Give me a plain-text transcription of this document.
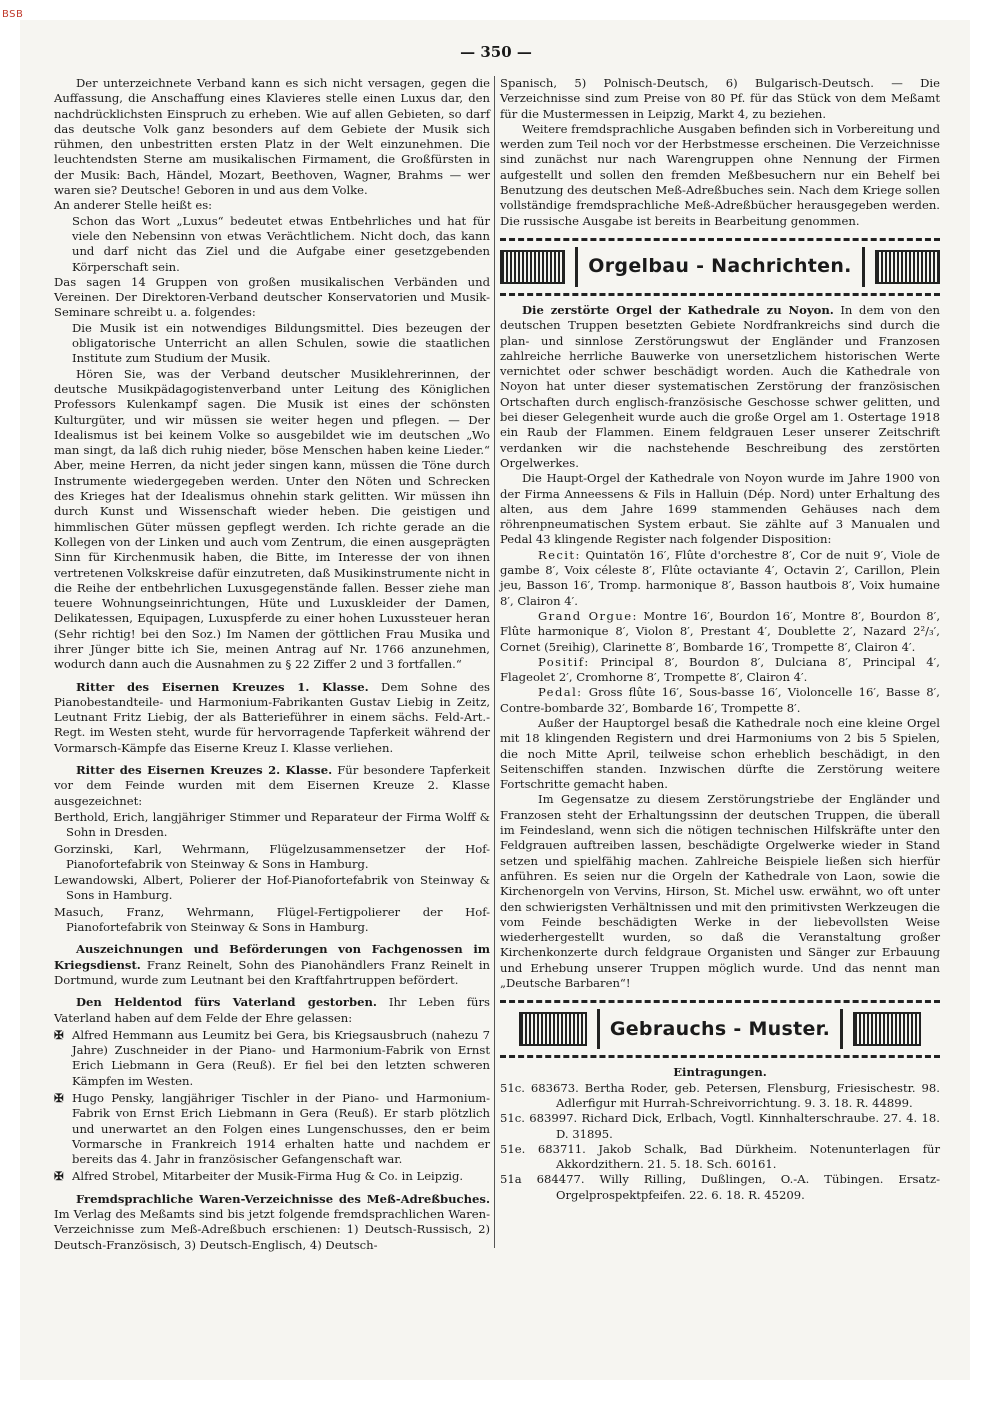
BSB
— 350 —

Der unterzeichnete Verband kann es sich nicht versagen, gegen die Auffassung, die Anschaffung eines Klavieres stelle einen Luxus dar, den nachdrücklichsten Einspruch zu erheben. Wie auf allen Gebieten, so darf das deutsche Volk ganz besonders auf dem Gebiete der Musik sich rühmen, den unbestritten ersten Platz in der Welt einzunehmen. Die leuchtendsten Sterne am musikalischen Firmament, die Großfürsten in der Musik: Bach, Händel, Mozart, Beethoven, Wagner, Brahms — wer waren sie? Deutsche! Geboren in und aus dem Volke.

An anderer Stelle heißt es:

Schon das Wort „Luxus“ bedeutet etwas Entbehrliches und hat für viele den Nebensinn von etwas Verächtlichem. Nicht doch, das kann und darf nicht das Ziel und die Aufgabe einer gesetzgebenden Körperschaft sein.

Das sagen 14 Gruppen von großen musikalischen Verbänden und Vereinen. Der Direktoren-Verband deutscher Konservatorien und Musik-Seminare schreibt u. a. folgendes:

Die Musik ist ein notwendiges Bildungsmittel. Dies bezeugen der obligatorische Unterricht an allen Schulen, sowie die staatlichen Institute zum Studium der Musik.

Hören Sie, was der Verband deutscher Musiklehrerinnen, der deutsche Musikpädagogistenverband unter Leitung des Königlichen Professors Kulenkampf sagen. Die Musik ist eines der schönsten Kulturgüter, und wir müssen sie weiter hegen und pflegen. — Der Idealismus ist bei keinem Volke so ausgebildet wie im deutschen „Wo man singt, da laß dich ruhig nieder, böse Menschen haben keine Lieder.“ Aber, meine Herren, da nicht jeder singen kann, müssen die Töne durch Instrumente wiedergegeben werden. Unter den Nöten und Schrecken des Krieges hat der Idealismus ohnehin stark gelitten. Wir müssen ihn durch Kunst und Wissenschaft wieder heben. Die geistigen und himmlischen Güter müssen gepflegt werden. Ich richte gerade an die Kollegen von der Linken und auch vom Zentrum, die einen ausgeprägten Sinn für Kirchenmusik haben, die Bitte, im Interesse der von ihnen vertretenen Volkskreise dafür einzutreten, daß Musikinstrumente nicht in die Reihe der entbehrlichen Luxusgegenstände fallen. Besser ziehe man teuere Wohnungseinrichtungen, Hüte und Luxuskleider der Damen, Delikatessen, Equipagen, Luxuspferde zu einer hohen Luxussteuer heran (Sehr richtig! bei den Soz.) Im Namen der göttlichen Frau Musika und ihrer Jünger bitte ich Sie, meinen Antrag auf Nr. 1766 anzunehmen, wodurch dann auch die Ausnahmen zu § 22 Ziffer 2 und 3 fortfallen.“

Ritter des Eisernen Kreuzes 1. Klasse. Dem Sohne des Pianobestandteile- und Harmonium-Fabrikanten Gustav Liebig in Zeitz, Leutnant Fritz Liebig, der als Batterieführer in einem sächs. Feld-Art.-Regt. im Westen steht, wurde für hervorragende Tapferkeit während der Vormarsch-Kämpfe das Eiserne Kreuz I. Klasse verliehen.

Ritter des Eisernen Kreuzes 2. Klasse. Für besondere Tapferkeit vor dem Feinde wurden mit dem Eisernen Kreuze 2. Klasse ausgezeichnet:

Berthold, Erich, langjähriger Stimmer und Reparateur der Firma Wolff & Sohn in Dresden.
Gorzinski, Karl, Wehrmann, Flügelzusammensetzer der Hof-Pianofortefabrik von Steinway & Sons in Hamburg.
Lewandowski, Albert, Polierer der Hof-Pianofortefabrik von Steinway & Sons in Hamburg.
Masuch, Franz, Wehrmann, Flügel-Fertigpolierer der Hof-Pianofortefabrik von Steinway & Sons in Hamburg.

Auszeichnungen und Beförderungen von Fachgenossen im Kriegsdienst. Franz Reinelt, Sohn des Pianohändlers Franz Reinelt in Dortmund, wurde zum Leutnant bei den Kraftfahrtruppen befördert.

Den Heldentod fürs Vaterland gestorben. Ihr Leben fürs Vaterland haben auf dem Felde der Ehre gelassen:

✠ Alfred Hemmann aus Leumitz bei Gera, bis Kriegsausbruch (nahezu 7 Jahre) Zuschneider in der Piano- und Harmonium-Fabrik von Ernst Erich Liebmann in Gera (Reuß). Er fiel bei den letzten schweren Kämpfen im Westen.
✠ Hugo Pensky, langjähriger Tischler in der Piano- und Harmonium-Fabrik von Ernst Erich Liebmann in Gera (Reuß). Er starb plötzlich und unerwartet an den Folgen eines Lungenschusses, den er beim Vormarsche in Frankreich 1914 erhalten hatte und nachdem er bereits das 4. Jahr in französischer Gefangenschaft war.
✠ Alfred Strobel, Mitarbeiter der Musik-Firma Hug & Co. in Leipzig.

Fremdsprachliche Waren-Verzeichnisse des Meß-Adreßbuches. Im Verlag des Meßamts sind bis jetzt folgende fremdsprachlichen Waren-Verzeichnisse zum Meß-Adreßbuch erschienen: 1) Deutsch-Russisch, 2) Deutsch-Französisch, 3) Deutsch-Englisch, 4) Deutsch-

Spanisch, 5) Polnisch-Deutsch, 6) Bulgarisch-Deutsch. — Die Verzeichnisse sind zum Preise von 80 Pf. für das Stück von dem Meßamt für die Mustermessen in Leipzig, Markt 4, zu beziehen.

Weitere fremdsprachliche Ausgaben befinden sich in Vorbereitung und werden zum Teil noch vor der Herbstmesse erscheinen. Die Verzeichnisse sind zunächst nur nach Warengruppen ohne Nennung der Firmen aufgestellt und sollen den fremden Meßbesuchern nur ein Behelf bei Benutzung des deutschen Meß-Adreßbuches sein. Nach dem Kriege sollen vollständige fremdsprachliche Meß-Adreßbücher herausgegeben werden. Die russische Ausgabe ist bereits in Bearbeitung genommen.

Orgelbau - Nachrichten.

Die zerstörte Orgel der Kathedrale zu Noyon. In dem von den deutschen Truppen besetzten Gebiete Nordfrankreichs sind durch die plan- und sinnlose Zerstörungswut der Engländer und Franzosen zahlreiche herrliche Bauwerke von unersetzlichem historischen Werte vernichtet oder schwer beschädigt worden. Auch die Kathedrale von Noyon hat unter dieser systematischen Zerstörung der französischen Ortschaften durch englisch-französische Geschosse schwer gelitten, und bei dieser Gelegenheit wurde auch die große Orgel am 1. Ostertage 1918 ein Raub der Flammen. Einem feldgrauen Leser unserer Zeitschrift verdanken wir die nachstehende Beschreibung des zerstörten Orgelwerkes.

Die Haupt-Orgel der Kathedrale von Noyon wurde im Jahre 1900 von der Firma Anneessens & Fils in Halluin (Dép. Nord) unter Erhaltung des alten, aus dem Jahre 1699 stammenden Gehäuses nach dem röhrenpneumatischen System erbaut. Sie zählte auf 3 Manualen und Pedal 43 klingende Register nach folgender Disposition:

Recit: Quintatön 16′, Flûte d'orchestre 8′, Cor de nuit 9′, Viole de gambe 8′, Voix céleste 8′, Flûte octaviante 4′, Octavin 2′, Carillon, Plein jeu, Basson 16′, Tromp. harmonique 8′, Basson hautbois 8′, Voix humaine 8′, Clairon 4′.

Grand Orgue: Montre 16′, Bourdon 16′, Montre 8′, Bourdon 8′, Flûte harmonique 8′, Violon 8′, Prestant 4′, Doublette 2′, Nazard 2²/₃′, Cornet (5reihig), Clarinette 8′, Bombarde 16′, Trompette 8′, Clairon 4′.

Positif: Principal 8′, Bourdon 8′, Dulciana 8′, Principal 4′, Flageolet 2′, Cromhorne 8′, Trompette 8′, Clairon 4′.

Pedal: Gross flûte 16′, Sous-basse 16′, Violoncelle 16′, Basse 8′, Contre-bombarde 32′, Bombarde 16′, Trompette 8′.

Außer der Hauptorgel besaß die Kathedrale noch eine kleine Orgel mit 18 klingenden Registern und drei Harmoniums von 2 bis 5 Spielen, die noch Mitte April, teilweise schon erheblich beschädigt, in den Seitenschiffen standen. Inzwischen dürfte die Zerstörung weitere Fortschritte gemacht haben.

Im Gegensatze zu diesem Zerstörungstriebe der Engländer und Franzosen steht der Erhaltungssinn der deutschen Truppen, die überall im Feindesland, wenn sich die nötigen technischen Hilfskräfte unter den Feldgrauen auftreiben lassen, beschädigte Orgelwerke wieder in Stand setzen und spielfähig machen. Zahlreiche Beispiele ließen sich hierfür anführen. Es seien nur die Orgeln der Kathedrale von Laon, sowie die Kirchenorgeln von Vervins, Hirson, St. Michel usw. erwähnt, wo oft unter den schwierigsten Verhältnissen und mit den primitivsten Werkzeugen die vom Feinde beschädigten Werke in der liebevollsten Weise wiederhergestellt wurden, so daß die Veranstaltung großer Kirchenkonzerte durch feldgraue Organisten und Sänger zur Erbauung und Erhebung unserer Truppen möglich wurde. Und das nennt man „Deutsche Barbaren“!

Gebrauchs - Muster.

Eintragungen.

51c. 683673. Bertha Roder, geb. Petersen, Flensburg, Friesischestr. 98. Adlerfigur mit Hurrah-Schreivorrichtung. 9. 3. 18. R. 44899.
51c. 683997. Richard Dick, Erlbach, Vogtl. Kinnhalterschraube. 27. 4. 18. D. 31895.
51e. 683711. Jakob Schalk, Bad Dürkheim. Notenunterlagen für Akkordzithern. 21. 5. 18. Sch. 60161.
51a 684477. Willy Rilling, Dußlingen, O.-A. Tübingen. Ersatz-Orgelprospektpfeifen. 22. 6. 18. R. 45209.
